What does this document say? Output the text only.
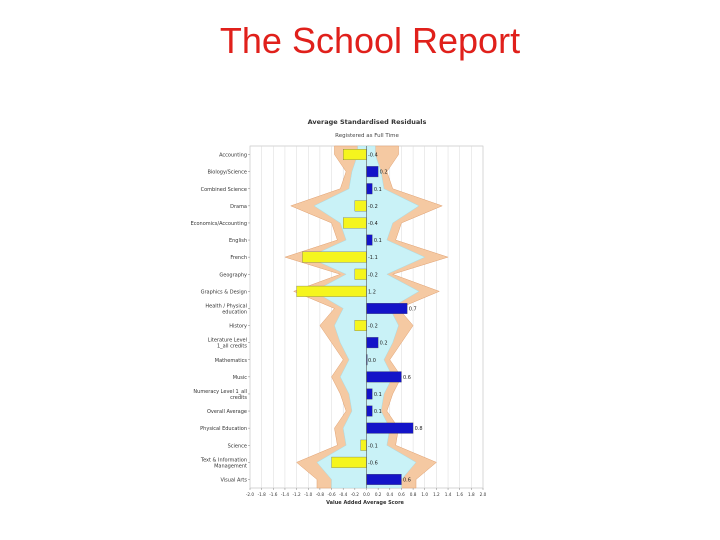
The School Report
Average Standardised Residuals
Registered as Full Time
Accounting	-0.4
Biology/Science	0.2
Combined Science	0.1
Drama	-0.2
Economics/Accounting	-0.4
English	0.1
French	-1.1
Geography	-0.2
Graphics & Design	1.2
Health / Physical education	0.7
History	-0.2
Literature Level 1_all credits	0.2
Mathematics	0.0
Music	0.6
Numeracy Level 1_all credits	0.1
Overall Average	0.1
Physical Education	0.8
Science	-0.1
Text & Information Management	-0.6
Visual Arts	0.6
-2.0 -1.8 -1.6 -1.4 -1.2 -1.0 -0.8 -0.6 -0.4 -0.2 0.0 0.2 0.4 0.6 0.8 1.0 1.2 1.4 1.6 1.8 2.0
Value Added Average Score
